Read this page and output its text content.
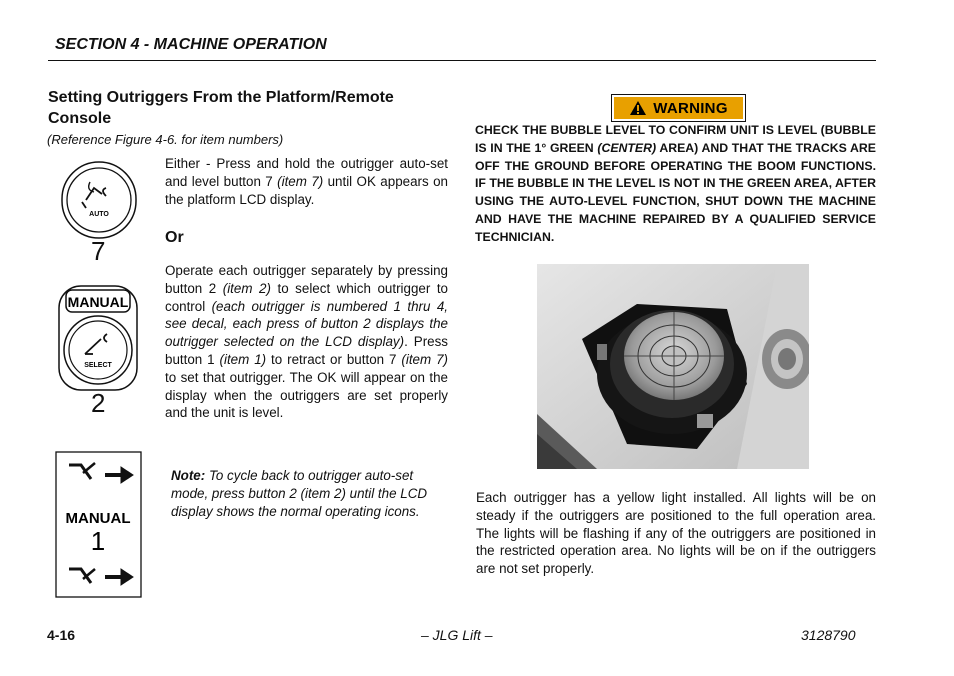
SECTION 4 - MACHINE OPERATION
Setting Outriggers From the Platform/Remote Console
(Reference Figure 4-6. for item numbers)
AUTO
7
Either - Press and hold the outrigger auto-set and level button 7 (item 7) until OK appears on the platform LCD display.
Or
MANUAL
SELECT
2
Operate each outrigger separately by pressing button 2 (item 2) to select which outrigger to control (each outrigger is numbered 1 thru 4, see decal, each press of button 2 displays the outrigger selected on the LCD display). Press button 1 (item 1) to retract or button 7 (item 7) to set that outrigger. The OK will appear on the display when the outriggers are set properly and the unit is level.
MANUAL
1
Note: To cycle back to outrigger auto-set mode, press button 2 (item 2) until the LCD display shows the normal operating icons.
WARNING
CHECK THE BUBBLE LEVEL TO CONFIRM UNIT IS LEVEL (BUBBLE IS IN THE 1° GREEN (CENTER) AREA) AND THAT THE TRACKS ARE OFF THE GROUND BEFORE OPERATING THE BOOM FUNCTIONS. IF THE BUBBLE IN THE LEVEL IS NOT IN THE GREEN AREA, AFTER USING THE AUTO-LEVEL FUNCTION, SHUT DOWN THE MACHINE AND HAVE THE MACHINE REPAIRED BY A QUALIFIED SERVICE TECHNICIAN.
Each outrigger has a yellow light installed. All lights will be on steady if the outriggers are positioned to the full operation area. The lights will be flashing if any of the outriggers are positioned in the restricted operation area. No lights will be on if the outriggers are not set properly.
4-16	– JLG Lift –	3128790
